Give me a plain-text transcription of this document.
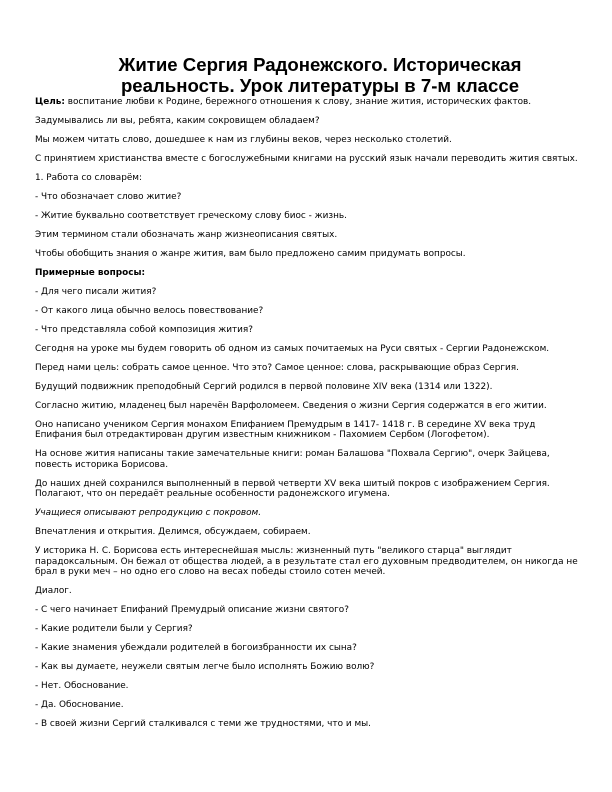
Житие Сергия Радонежского. Историческая
реальность. Урок литературы в 7-м классе

Цель: воспитание любви к Родине, бережного отношения к слову, знание жития, исторических фактов.

Задумывались ли вы, ребята, каким сокровищем обладаем?

Мы можем читать слово, дошедшее к нам из глубины веков, через несколько столетий.

С принятием христианства вместе с богослужебными книгами на русский язык начали переводить жития святых.

1. Работа со словарём:

- Что обозначает слово житие?

- Житие буквально соответствует греческому слову биос - жизнь.

Этим термином стали обозначать жанр жизнеописания святых.

Чтобы обобщить знания о жанре жития, вам было предложено самим придумать вопросы.

Примерные вопросы:

- Для чего писали жития?

- От какого лица обычно велось повествование?

- Что представляла собой композиция жития?

Сегодня на уроке мы будем говорить об одном из самых почитаемых на Руси святых - Сергии Радонежском.

Перед нами цель: собрать самое ценное. Что это? Самое ценное: слова, раскрывающие образ Сергия.

Будущий подвижник преподобный Сергий родился в первой половине XIV века (1314 или 1322).

Согласно житию, младенец был наречён Варфоломеем. Сведения о жизни Сергия содержатся в его житии.

Оно написано учеником Сергия монахом Епифанием Премудрым в 1417- 1418 г. В середине XV века труд
Епифания был отредактирован другим известным книжником - Пахомием Сербом (Логофетом).

На основе жития написаны такие замечательные книги: роман Балашова "Похвала Сергию", очерк Зайцева,
повесть историка Борисова.

До наших дней сохранился выполненный в первой четверти XV века шитый покров с изображением Сергия.
Полагают, что он передаёт реальные особенности радонежского игумена.

Учащиеся описывают репродукцию с покровом.

Впечатления и открытия. Делимся, обсуждаем, собираем.

У историка Н. С. Борисова есть интереснейшая мысль: жизненный путь "великого старца" выглядит
парадоксальным. Он бежал от общества людей, а в результате стал его духовным предводителем, он никогда не
брал в руки меч – но одно его слово на весах победы стоило сотен мечей.

Диалог.

- С чего начинает Епифаний Премудрый описание жизни святого?

- Какие родители были у Сергия?

- Какие знамения убеждали родителей в богоизбранности их сына?

- Как вы думаете, неужели святым легче было исполнять Божию волю?

- Нет. Обоснование.

- Да. Обоснование.

- В своей жизни Сергий сталкивался с теми же трудностями, что и мы.
